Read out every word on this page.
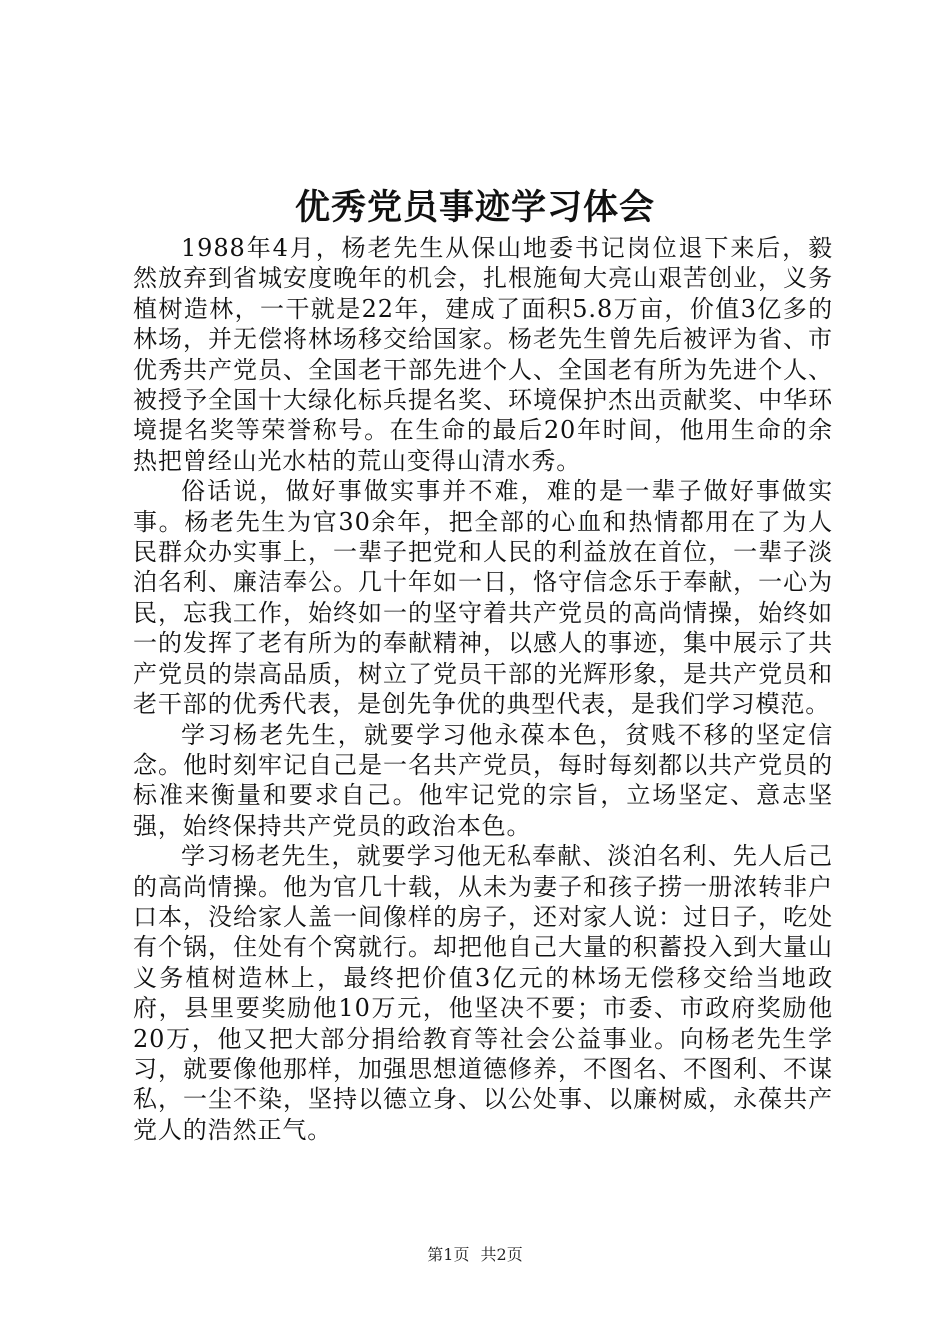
优秀党员事迹学习体会

1988年4月，杨老先生从保山地委书记岗位退下来后，毅然放弃到省城安度晚年的机会，扎根施甸大亮山艰苦创业，义务植树造林，一干就是22年，建成了面积5.8万亩，价值3亿多的林场，并无偿将林场移交给国家。杨老先生曾先后被评为省、市优秀共产党员、全国老干部先进个人、全国老有所为先进个人、被授予全国十大绿化标兵提名奖、环境保护杰出贡献奖、中华环境提名奖等荣誉称号。在生命的最后20年时间，他用生命的余热把曾经山光水枯的荒山变得山清水秀。

俗话说，做好事做实事并不难，难的是一辈子做好事做实事。杨老先生为官30余年，把全部的心血和热情都用在了为人民群众办实事上，一辈子把党和人民的利益放在首位，一辈子淡泊名利、廉洁奉公。几十年如一日，恪守信念乐于奉献，一心为民，忘我工作，始终如一的坚守着共产党员的高尚情操，始终如一的发挥了老有所为的奉献精神，以感人的事迹，集中展示了共产党员的崇高品质，树立了党员干部的光辉形象，是共产党员和老干部的优秀代表，是创先争优的典型代表，是我们学习模范。

学习杨老先生，就要学习他永葆本色，贫贱不移的坚定信念。他时刻牢记自己是一名共产党员，每时每刻都以共产党员的标准来衡量和要求自己。他牢记党的宗旨，立场坚定、意志坚强，始终保持共产党员的政治本色。

学习杨老先生，就要学习他无私奉献、淡泊名利、先人后己的高尚情操。他为官几十载，从未为妻子和孩子捞一册浓转非户口本，没给家人盖一间像样的房子，还对家人说：过日子，吃处有个锅，住处有个窝就行。却把他自己大量的积蓄投入到大量山义务植树造林上，最终把价值3亿元的林场无偿移交给当地政府，县里要奖励他10万元，他坚决不要；市委、市政府奖励他20万，他又把大部分捐给教育等社会公益事业。向杨老先生学习，就要像他那样，加强思想道德修养，不图名、不图利、不谋私，一尘不染，坚持以德立身、以公处事、以廉树威，永葆共产党人的浩然正气。

第1页 共2页
